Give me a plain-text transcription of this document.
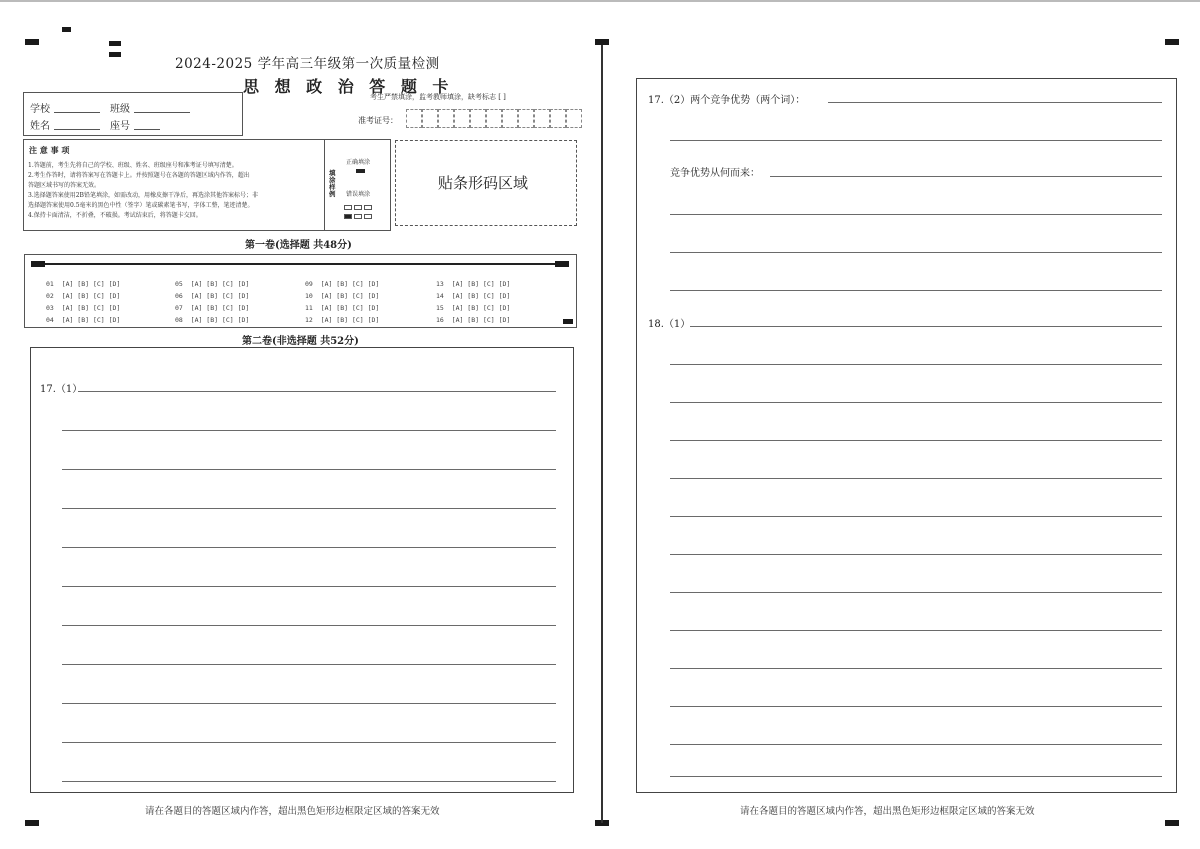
2024-2025 学年高三年级第一次质量检测
思 想 政 治 答 题 卡
学校	班级
姓名	座号
考生严禁填涂，监考教师填涂，缺考标志 [ ]
准考证号：
注 意 事 项
1.答题前，考生先将自己的学校、班级、姓名、班级座号和准考证号填写清楚。
2.考生作答时，请将答案写在答题卡上。并按照题号在各题的答题区域内作答，超出
答题区域书写的答案无效。
3.选择题答案使用2B铅笔填涂，如需改动，用橡皮擦干净后，再选涂其他答案标号；非
选择题答案使用0.5毫米的黑色中性（签字）笔或碳素笔书写，字体工整，笔迹清楚。
4.保持卡面清洁，不折叠，不破损。考试结束后，将答题卡交回。
填涂样例
正确填涂
错误填涂

贴条形码区域
第一卷(选择题 共48分)
01 [A] [B] [C] [D]
02 [A] [B] [C] [D]
03 [A] [B] [C] [D]
04 [A] [B] [C] [D]
05 [A] [B] [C] [D]
06 [A] [B] [C] [D]
07 [A] [B] [C] [D]
08 [A] [B] [C] [D]
09 [A] [B] [C] [D]
10 [A] [B] [C] [D]
11 [A] [B] [C] [D]
12 [A] [B] [C] [D]
13 [A] [B] [C] [D]
14 [A] [B] [C] [D]
15 [A] [B] [C] [D]
16 [A] [B] [C] [D]
第二卷(非选择题 共52分)
17.（1）
请在各题目的答题区域内作答，超出黑色矩形边框限定区域的答案无效
17.（2）两个竞争优势（两个词）：
竞争优势从何而来：
18.（1）
请在各题目的答题区域内作答，超出黑色矩形边框限定区域的答案无效
